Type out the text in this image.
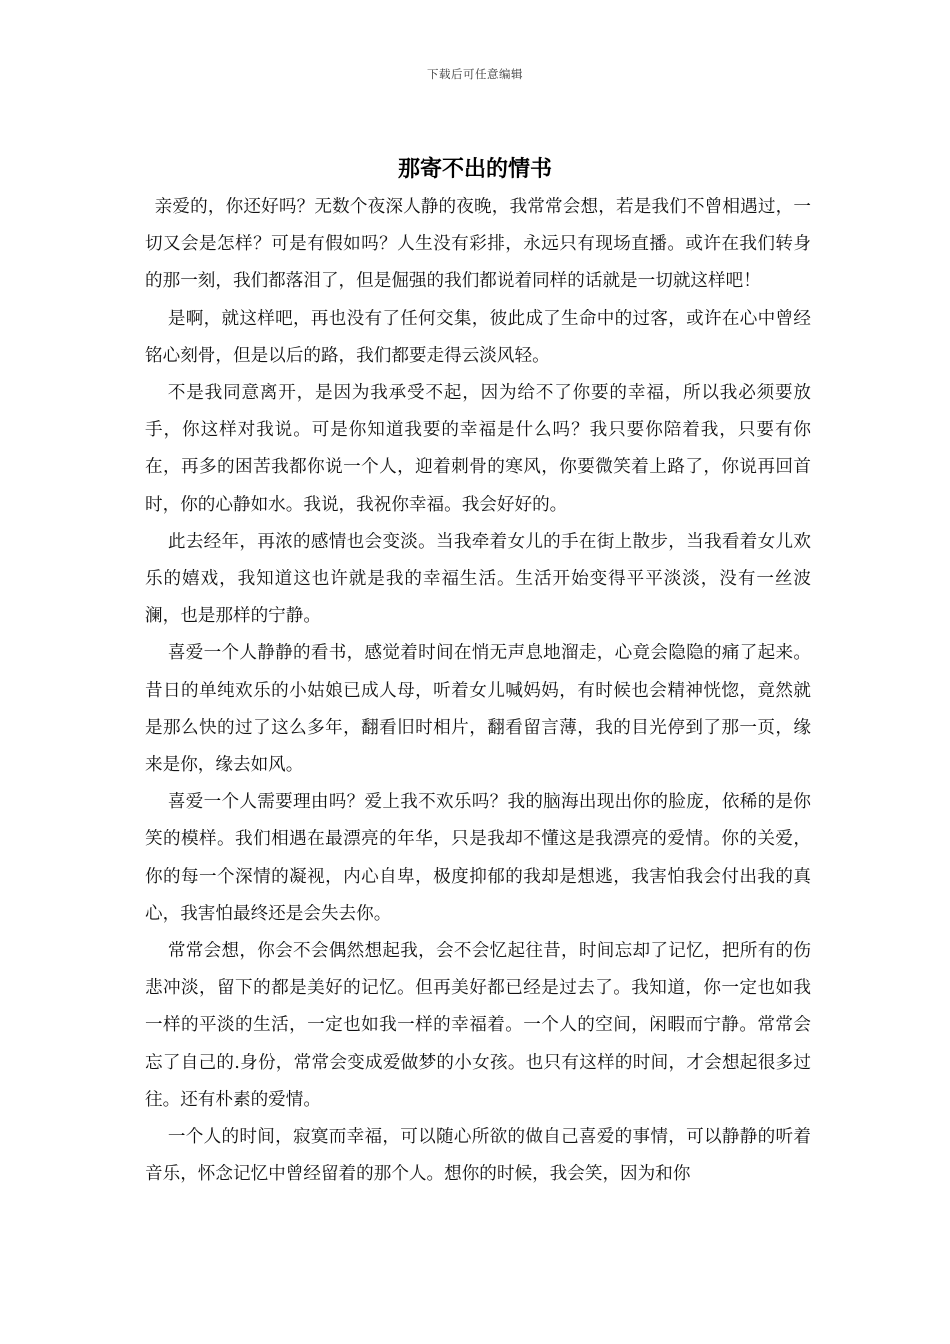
下载后可任意编辑
那寄不出的情书

亲爱的，你还好吗？无数个夜深人静的夜晚，我常常会想，若是我们不曾相遇过，一切又会是怎样？可是有假如吗？人生没有彩排，永远只有现场直播。或许在我们转身的那一刻，我们都落泪了，但是倔强的我们都说着同样的话就是一切就这样吧！

是啊，就这样吧，再也没有了任何交集，彼此成了生命中的过客，或许在心中曾经铭心刻骨，但是以后的路，我们都要走得云淡风轻。

不是我同意离开，是因为我承受不起，因为给不了你要的幸福，所以我必须要放手，你这样对我说。可是你知道我要的幸福是什么吗？我只要你陪着我，只要有你在，再多的困苦我都你说一个人，迎着刺骨的寒风，你要微笑着上路了，你说再回首时，你的心静如水。我说，我祝你幸福。我会好好的。

此去经年，再浓的感情也会变淡。当我牵着女儿的手在街上散步，当我看着女儿欢乐的嬉戏，我知道这也许就是我的幸福生活。生活开始变得平平淡淡，没有一丝波澜，也是那样的宁静。

喜爱一个人静静的看书，感觉着时间在悄无声息地溜走，心竟会隐隐的痛了起来。昔日的单纯欢乐的小姑娘已成人母，听着女儿喊妈妈，有时候也会精神恍惚，竟然就是那么快的过了这么多年，翻看旧时相片，翻看留言薄，我的目光停到了那一页，缘来是你，缘去如风。

喜爱一个人需要理由吗？爱上我不欢乐吗？我的脑海出现出你的脸庞，依稀的是你笑的模样。我们相遇在最漂亮的年华，只是我却不懂这是我漂亮的爱情。你的关爱，你的每一个深情的凝视，内心自卑，极度抑郁的我却是想逃，我害怕我会付出我的真心，我害怕最终还是会失去你。

常常会想，你会不会偶然想起我，会不会忆起往昔，时间忘却了记忆，把所有的伤悲冲淡，留下的都是美好的记忆。但再美好都已经是过去了。我知道，你一定也如我一样的平淡的生活，一定也如我一样的幸福着。一个人的空间，闲暇而宁静。常常会忘了自己的.身份，常常会变成爱做梦的小女孩。也只有这样的时间，才会想起很多过往。还有朴素的爱情。

一个人的时间，寂寞而幸福，可以随心所欲的做自己喜爱的事情，可以静静的听着音乐，怀念记忆中曾经留着的那个人。想你的时候，我会笑，因为和你
